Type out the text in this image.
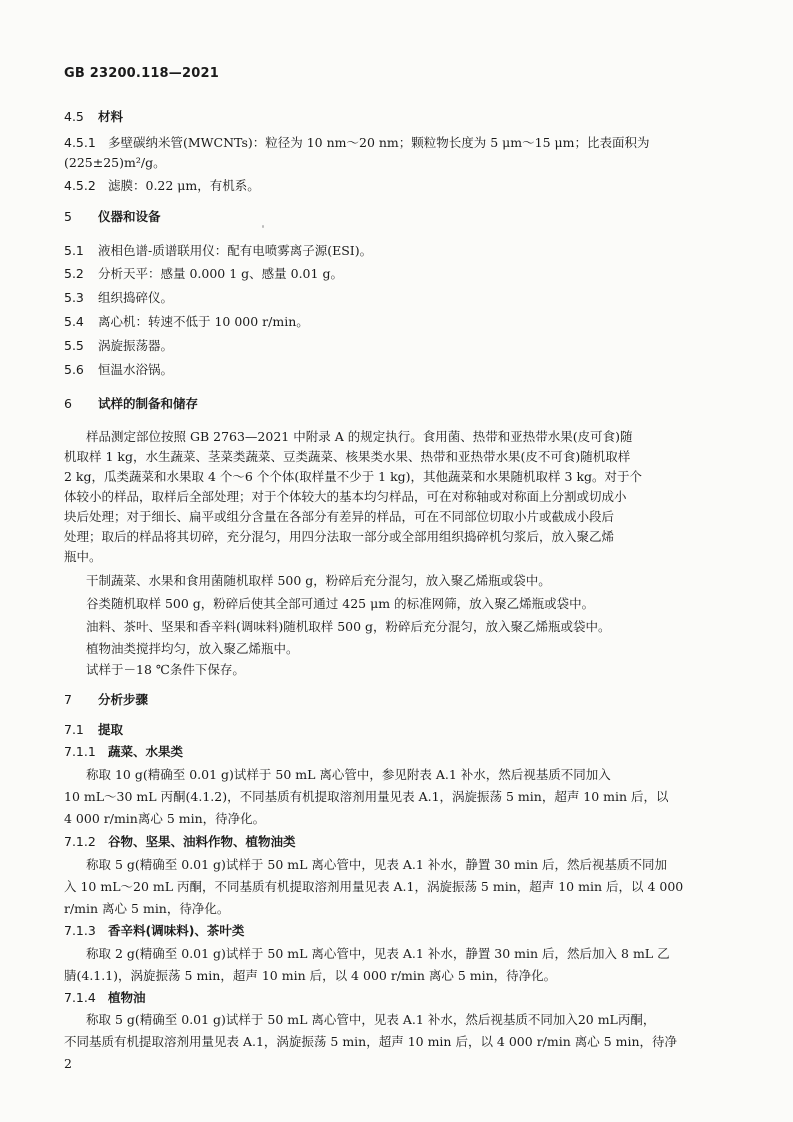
GB 23200.118—2021
4.5 材料
4.5.1 多壁碳纳米管(MWCNTs)：粒径为 10 nm～20 nm；颗粒物长度为 5 μm～15 μm；比表面积为
(225±25)m²/g。
4.5.2 滤膜：0.22 μm，有机系。
5 仪器和设备
5.1 液相色谱-质谱联用仪：配有电喷雾离子源(ESI)。
5.2 分析天平：感量 0.000 1 g、感量 0.01 g。
5.3 组织捣碎仪。
5.4 离心机：转速不低于 10 000 r/min。
5.5 涡旋振荡器。
5.6 恒温水浴锅。
6 试样的制备和储存
样品测定部位按照 GB 2763—2021 中附录 A 的规定执行。食用菌、热带和亚热带水果(皮可食)随
机取样 1 kg，水生蔬菜、茎菜类蔬菜、豆类蔬菜、核果类水果、热带和亚热带水果(皮不可食)随机取样
2 kg，瓜类蔬菜和水果取 4 个～6 个个体(取样量不少于 1 kg)，其他蔬菜和水果随机取样 3 kg。对于个
体较小的样品，取样后全部处理；对于个体较大的基本均匀样品，可在对称轴或对称面上分割或切成小
块后处理；对于细长、扁平或组分含量在各部分有差异的样品，可在不同部位切取小片或截成小段后
处理；取后的样品将其切碎，充分混匀，用四分法取一部分或全部用组织捣碎机匀浆后，放入聚乙烯
瓶中。
干制蔬菜、水果和食用菌随机取样 500 g，粉碎后充分混匀，放入聚乙烯瓶或袋中。
谷类随机取样 500 g，粉碎后使其全部可通过 425 μm 的标准网筛，放入聚乙烯瓶或袋中。
油料、茶叶、坚果和香辛料(调味料)随机取样 500 g，粉碎后充分混匀，放入聚乙烯瓶或袋中。
植物油类搅拌均匀，放入聚乙烯瓶中。
试样于－18 ℃条件下保存。
7 分析步骤
7.1 提取
7.1.1 蔬菜、水果类
称取 10 g(精确至 0.01 g)试样于 50 mL 离心管中，参见附表 A.1 补水，然后视基质不同加入
10 mL～30 mL 丙酮(4.1.2)，不同基质有机提取溶剂用量见表 A.1，涡旋振荡 5 min，超声 10 min 后，以
4 000 r/min离心 5 min，待净化。
7.1.2 谷物、坚果、油料作物、植物油类
称取 5 g(精确至 0.01 g)试样于 50 mL 离心管中，见表 A.1 补水，静置 30 min 后，然后视基质不同加
入 10 mL～20 mL 丙酮，不同基质有机提取溶剂用量见表 A.1，涡旋振荡 5 min，超声 10 min 后，以 4 000
r/min 离心 5 min，待净化。
7.1.3 香辛料(调味料)、茶叶类
称取 2 g(精确至 0.01 g)试样于 50 mL 离心管中，见表 A.1 补水，静置 30 min 后，然后加入 8 mL 乙
腈(4.1.1)，涡旋振荡 5 min，超声 10 min 后，以 4 000 r/min 离心 5 min，待净化。
7.1.4 植物油
称取 5 g(精确至 0.01 g)试样于 50 mL 离心管中，见表 A.1 补水，然后视基质不同加入20 mL丙酮，
不同基质有机提取溶剂用量见表 A.1，涡旋振荡 5 min，超声 10 min 后，以 4 000 r/min 离心 5 min，待净
2
